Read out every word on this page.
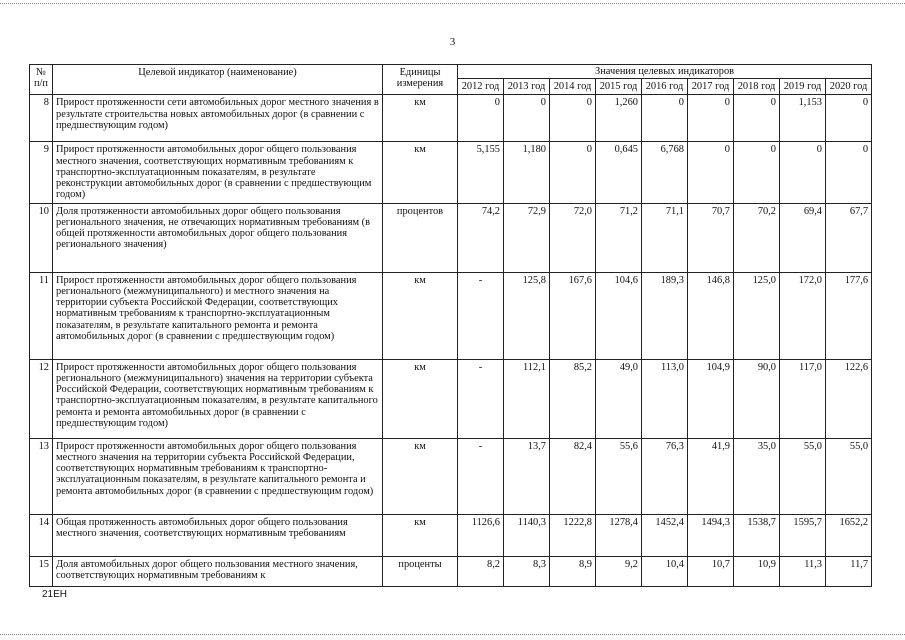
3
№ п/п	Целевой индикатор (наименование)	Единицы измерения	Значения целевых индикаторов								
			2012 год	2013 год	2014 год	2015 год	2016 год	2017 год	2018 год	2019 год	2020 год
8	Прирост протяженности сети автомобильных дорог местного значения в результате строительства новых автомобильных дорог (в сравнении с предшествующим годом)	км	0	0	0	1,260	0	0	0	1,153	0
9	Прирост протяженности автомобильных дорог общего пользования местного значения, соответствующих нормативным требованиям к транспортно-эксплуатационным показателям, в результате реконструкции автомобильных дорог (в сравнении с предшествующим годом)	км	5,155	1,180	0	0,645	6,768	0	0	0	0
10	Доля протяженности автомобильных дорог общего пользования регионального значения, не отвечающих нормативным требованиям (в общей протяженности автомобильных дорог общего пользования регионального значения)	процентов	74,2	72,9	72,0	71,2	71,1	70,7	70,2	69,4	67,7
11	Прирост протяженности автомобильных дорог общего пользования регионального (межмуниципального) и местного значения на территории субъекта Российской Федерации, соответствующих нормативным требованиям к транспортно-эксплуатационным показателям, в результате капитального ремонта и ремонта автомобильных дорог (в сравнении с предшествующим годом)	км	-	125,8	167,6	104,6	189,3	146,8	125,0	172,0	177,6
12	Прирост протяженности автомобильных дорог общего пользования регионального (межмуниципального) значения на территории субъекта Российской Федерации, соответствующих нормативным требованиям к транспортно-эксплуатационным показателям, в результате капитального ремонта и ремонта автомобильных дорог (в сравнении с предшествующим годом)	км	-	112,1	85,2	49,0	113,0	104,9	90,0	117,0	122,6
13	Прирост протяженности автомобильных дорог общего пользования местного значения на территории субъекта Российской Федерации, соответствующих нормативным требованиям к транспортно-эксплуатационным показателям, в результате капитального ремонта и ремонта автомобильных дорог (в сравнении с предшествующим годом)	км	-	13,7	82,4	55,6	76,3	41,9	35,0	55,0	55,0
14	Общая протяженность автомобильных дорог общего пользования местного значения, соответствующих нормативным требованиям	км	1126,6	1140,3	1222,8	1278,4	1452,4	1494,3	1538,7	1595,7	1652,2
15	Доля автомобильных дорог общего пользования местного значения, соответствующих нормативным требованиям к	проценты	8,2	8,3	8,9	9,2	10,4	10,7	10,9	11,3	11,7
21ЕН
